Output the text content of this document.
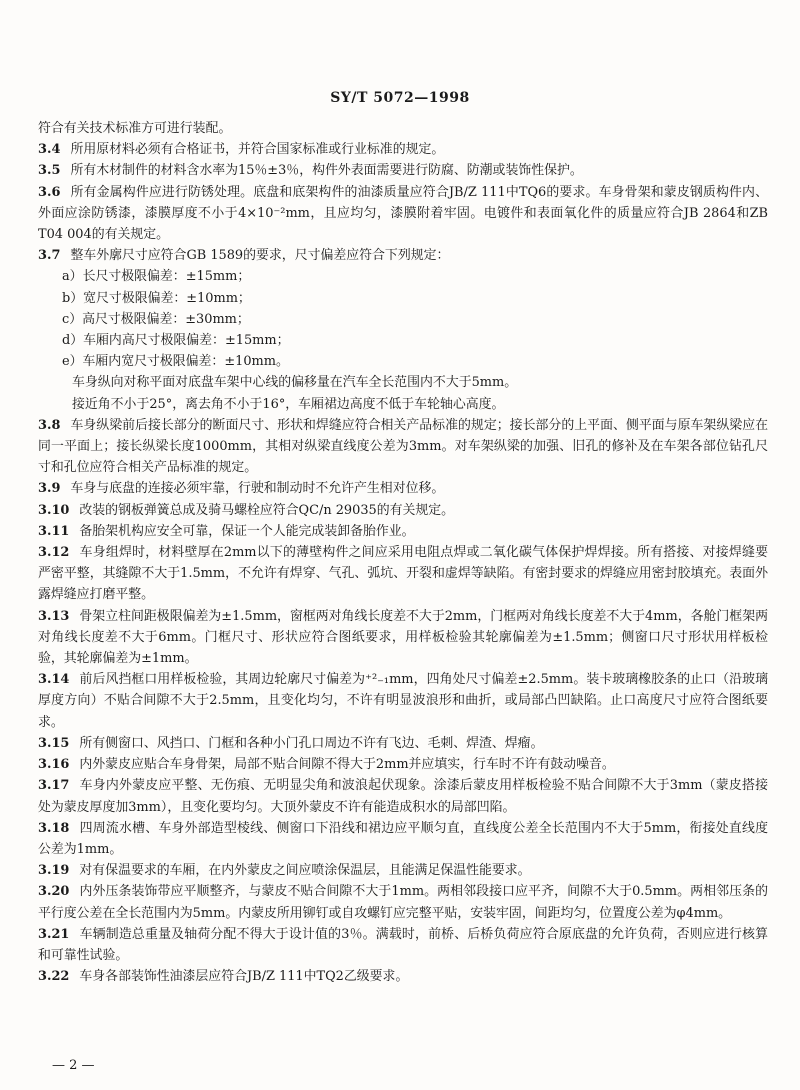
SY/T 5072—1998
符合有关技术标准方可进行装配。
3.4 所用原材料必须有合格证书，并符合国家标准或行业标准的规定。
3.5 所有木材制件的材料含水率为15％±3％，构件外表面需要进行防腐、防潮或装饰性保护。
3.6 所有金属构件应进行防锈处理。底盘和底架构件的油漆质量应符合JB/Z 111中TQ6的要求。车身骨架和蒙皮钢质构件内、外面应涂防锈漆，漆膜厚度不小于4×10⁻²mm，且应均匀，漆膜附着牢固。电镀件和表面氧化件的质量应符合JB 2864和ZB T04 004的有关规定。
3.7 整车外廓尺寸应符合GB 1589的要求，尺寸偏差应符合下列规定：
a）长尺寸极限偏差：±15mm；
b）宽尺寸极限偏差：±10mm；
c）高尺寸极限偏差：±30mm；
d）车厢内高尺寸极限偏差：±15mm；
e）车厢内宽尺寸极限偏差：±10mm。
车身纵向对称平面对底盘车架中心线的偏移量在汽车全长范围内不大于5mm。
接近角不小于25°，离去角不小于16°，车厢裙边高度不低于车轮轴心高度。
3.8 车身纵梁前后接长部分的断面尺寸、形状和焊缝应符合相关产品标准的规定；接长部分的上平面、侧平面与原车架纵梁应在同一平面上；接长纵梁长度1000mm，其相对纵梁直线度公差为3mm。对车架纵梁的加强、旧孔的修补及在车架各部位钻孔尺寸和孔位应符合相关产品标准的规定。
3.9 车身与底盘的连接必须牢靠，行驶和制动时不允许产生相对位移。
3.10 改装的钢板弹簧总成及骑马螺栓应符合QC/n 29035的有关规定。
3.11 备胎架机构应安全可靠，保证一个人能完成装卸备胎作业。
3.12 车身组焊时，材料壁厚在2mm以下的薄壁构件之间应采用电阻点焊或二氧化碳气体保护焊焊接。所有搭接、对接焊缝要严密平整，其缝隙不大于1.5mm，不允许有焊穿、气孔、弧坑、开裂和虚焊等缺陷。有密封要求的焊缝应用密封胶填充。表面外露焊缝应打磨平整。
3.13 骨架立柱间距极限偏差为±1.5mm，窗框两对角线长度差不大于2mm，门框两对角线长度差不大于4mm，各舱门框架两对角线长度差不大于6mm。门框尺寸、形状应符合图纸要求，用样板检验其轮廓偏差为±1.5mm；侧窗口尺寸形状用样板检验，其轮廓偏差为±1mm。
3.14 前后风挡框口用样板检验，其周边轮廓尺寸偏差为⁺²₋₁mm，四角处尺寸偏差±2.5mm。装卡玻璃橡胶条的止口（沿玻璃厚度方向）不贴合间隙不大于2.5mm，且变化均匀，不许有明显波浪形和曲折，或局部凸凹缺陷。止口高度尺寸应符合图纸要求。
3.15 所有侧窗口、风挡口、门框和各种小门孔口周边不许有飞边、毛刺、焊渣、焊瘤。
3.16 内外蒙皮应贴合车身骨架，局部不贴合间隙不得大于2mm并应填实，行车时不许有鼓动噪音。
3.17 车身内外蒙皮应平整、无伤痕、无明显尖角和波浪起伏现象。涂漆后蒙皮用样板检验不贴合间隙不大于3mm（蒙皮搭接处为蒙皮厚度加3mm），且变化要均匀。大顶外蒙皮不许有能造成积水的局部凹陷。
3.18 四周流水槽、车身外部造型棱线、侧窗口下沿线和裙边应平顺匀直，直线度公差全长范围内不大于5mm，衔接处直线度公差为1mm。
3.19 对有保温要求的车厢，在内外蒙皮之间应喷涂保温层，且能满足保温性能要求。
3.20 内外压条装饰带应平顺整齐，与蒙皮不贴合间隙不大于1mm。两相邻段接口应平齐，间隙不大于0.5mm。两相邻压条的平行度公差在全长范围内为5mm。内蒙皮所用铆钉或自攻螺钉应完整平贴，安装牢固，间距均匀，位置度公差为φ4mm。
3.21 车辆制造总重量及轴荷分配不得大于设计值的3％。满载时，前桥、后桥负荷应符合原底盘的允许负荷，否则应进行核算和可靠性试验。
3.22 车身各部装饰性油漆层应符合JB/Z 111中TQ2乙级要求。
— 2 —
